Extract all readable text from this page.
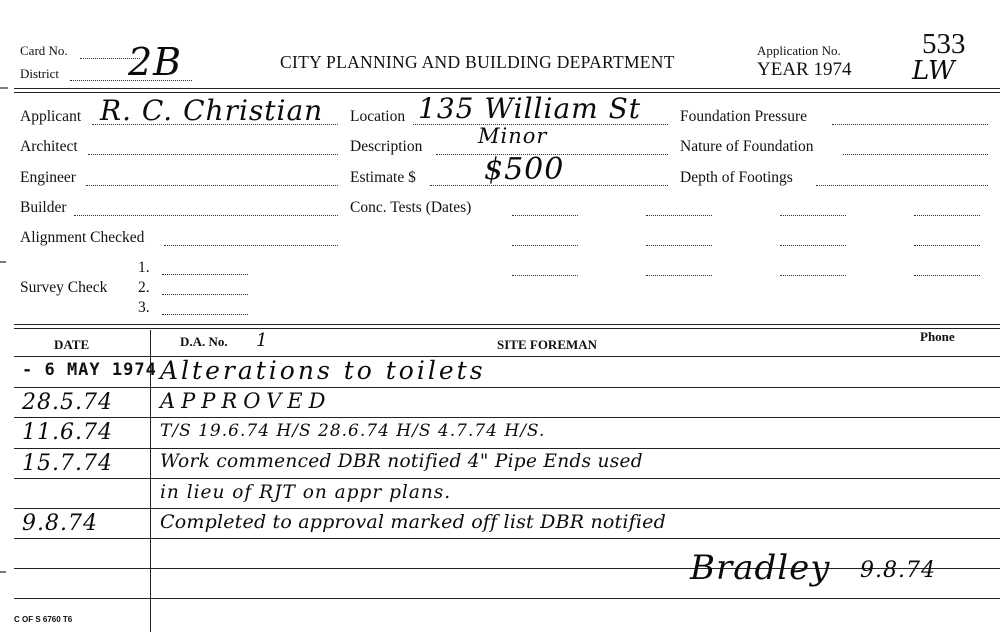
Card No.
District 2B	CITY PLANNING AND BUILDING DEPARTMENT
Application No.
YEAR 1974
533
LW
Applicant R. C. Christian
Architect
Engineer
Builder
Alignment Checked
Survey Check
1.
2.
3.
Location 135 William St
Description	Minor
Estimate $ $500
Conc. Tests (Dates)
Foundation Pressure
Nature of Foundation
Depth of Footings
DATE	D.A. No. 1	SITE FOREMAN
Phone
- 6 MAY 1974 Alterations to toilets
28.5.74 APPROVED
11.6.74	T/S 19.6.74 H/S 28.6.74 H/S 4.7.74 H/S.
15.7.74	Work commenced DBR notified 4" Pipe Ends used
in lieu of RJT on appr plans.
9.8.74	Completed to approval marked off list DBR notified
Bradley 9.8.74
C OF S 6760 T6
